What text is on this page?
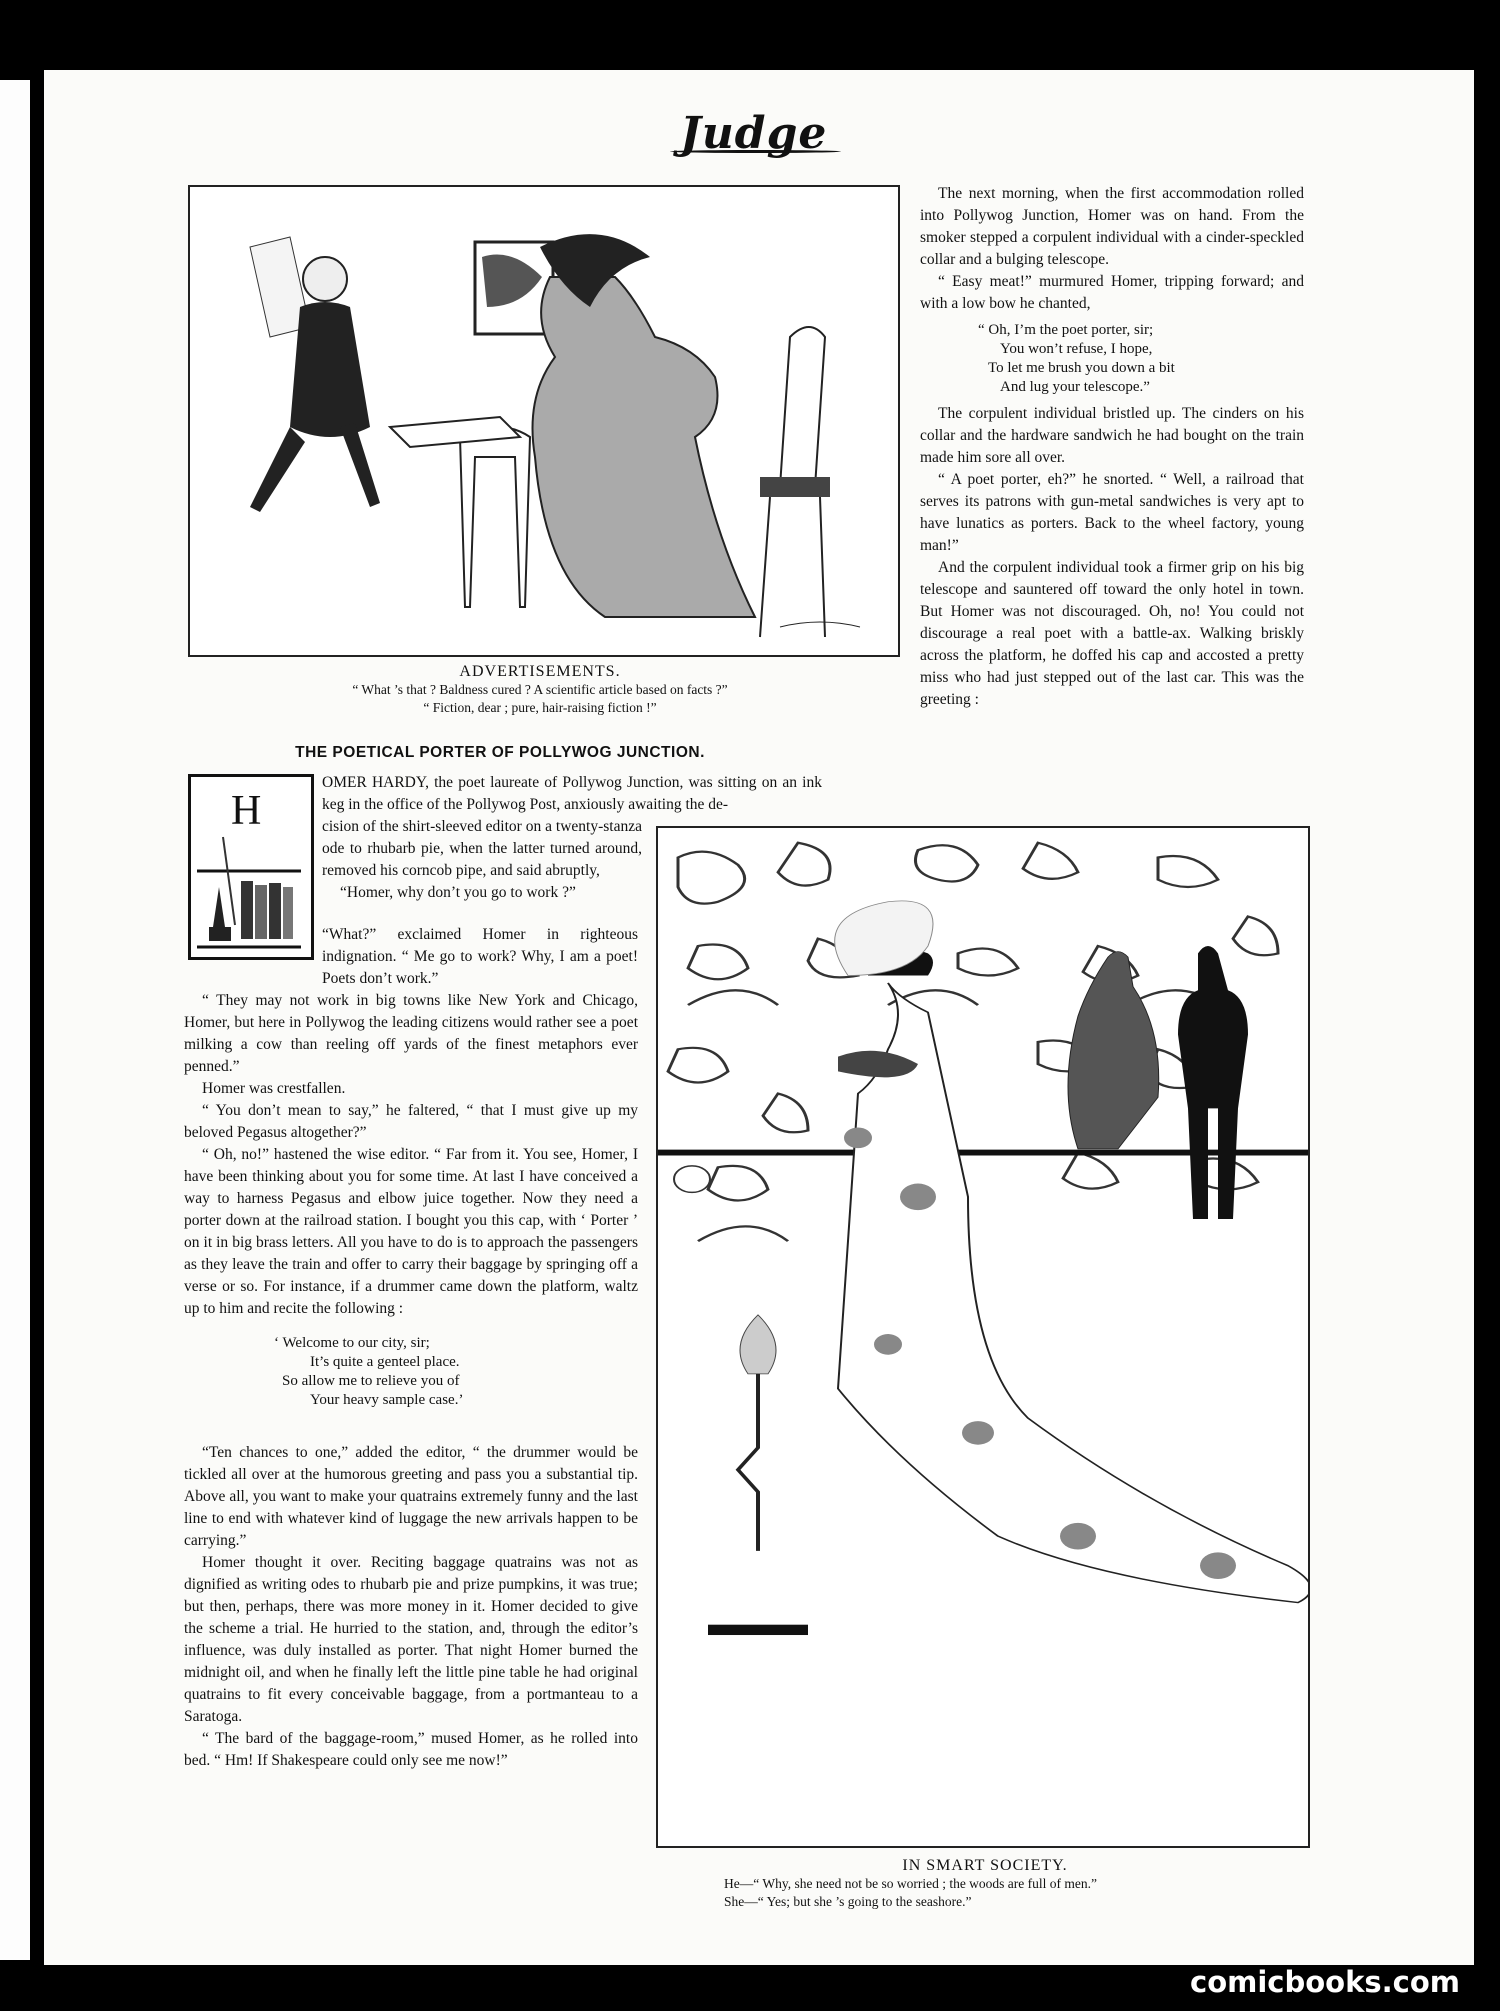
Judge
ADVERTISEMENTS.
“ What ’s that ? Baldness cured ? A scientific article based on facts ?”
“ Fiction, dear ; pure, hair-raising fiction !”
THE POETICAL PORTER OF POLLYWOG JUNCTION.
H

OMER HARDY, the poet laureate of Pollywog Junction, was sitting on an ink keg in the office of the Pollywog Post, anxiously awaiting the de-

cision of the shirt-sleeved editor on a twenty-stanza ode to rhubarb pie, when the latter turned around, removed his corncob pipe, and said abruptly,

“Homer, why don’t you go to work ?”

“What?” exclaimed Homer in righteous indignation. “ Me go to work? Why, I am a poet! Poets don’t work.”

“ They may not work in big towns like New York and Chicago, Homer, but here in Pollywog the leading citizens would rather see a poet milking a cow than reeling off yards of the finest metaphors ever penned.”

Homer was crestfallen.

“ You don’t mean to say,” he faltered, “ that I must give up my beloved Pegasus altogether?”

“ Oh, no!” hastened the wise editor. “ Far from it. You see, Homer, I have been thinking about you for some time. At last I have conceived a way to harness Pegasus and elbow juice together. Now they need a porter down at the railroad station. I bought you this cap, with ‘ Porter ’ on it in big brass letters. All you have to do is to approach the passengers as they leave the train and offer to carry their baggage by springing off a verse or so. For instance, if a drummer came down the platform, waltz up to him and recite the following :

‘ Welcome to our city, sir;
It’s quite a genteel place.
So allow me to relieve you of
Your heavy sample case.’

“Ten chances to one,” added the editor, “ the drummer would be tickled all over at the humorous greeting and pass you a substantial tip. Above all, you want to make your quatrains extremely funny and the last line to end with whatever kind of luggage the new arrivals happen to be carrying.”

Homer thought it over. Reciting baggage quatrains was not as dignified as writing odes to rhubarb pie and prize pumpkins, it was true; but then, perhaps, there was more money in it. Homer decided to give the scheme a trial. He hurried to the station, and, through the editor’s influence, was duly installed as porter. That night Homer burned the midnight oil, and when he finally left the little pine table he had original quatrains to fit every conceivable baggage, from a portmanteau to a Saratoga.

“ The bard of the baggage-room,” mused Homer, as he rolled into bed. “ Hm! If Shakespeare could only see me now!”

The next morning, when the first accommodation rolled into Pollywog Junction, Homer was on hand. From the smoker stepped a corpulent individual with a cinder-speckled collar and a bulging telescope.

“ Easy meat!” murmured Homer, tripping forward; and with a low bow he chanted,

“ Oh, I’m the poet porter, sir;
You won’t refuse, I hope,
To let me brush you down a bit
And lug your telescope.”

The corpulent individual bristled up. The cinders on his collar and the hardware sandwich he had bought on the train made him sore all over.

“ A poet porter, eh?” he snorted. “ Well, a railroad that serves its patrons with gun-metal sandwiches is very apt to have lunatics as porters. Back to the wheel factory, young man!”

And the corpulent individual took a firmer grip on his big telescope and sauntered off toward the only hotel in town. But Homer was not discouraged. Oh, no! You could not discourage a real poet with a battle-ax. Walking briskly across the platform, he doffed his cap and accosted a pretty miss who had just stepped out of the last car. This was the greeting :

IN SMART SOCIETY.
He—“ Why, she need not be so worried ; the woods are full of men.”
She—“ Yes; but she ’s going to the seashore.”
comicbooks.com
